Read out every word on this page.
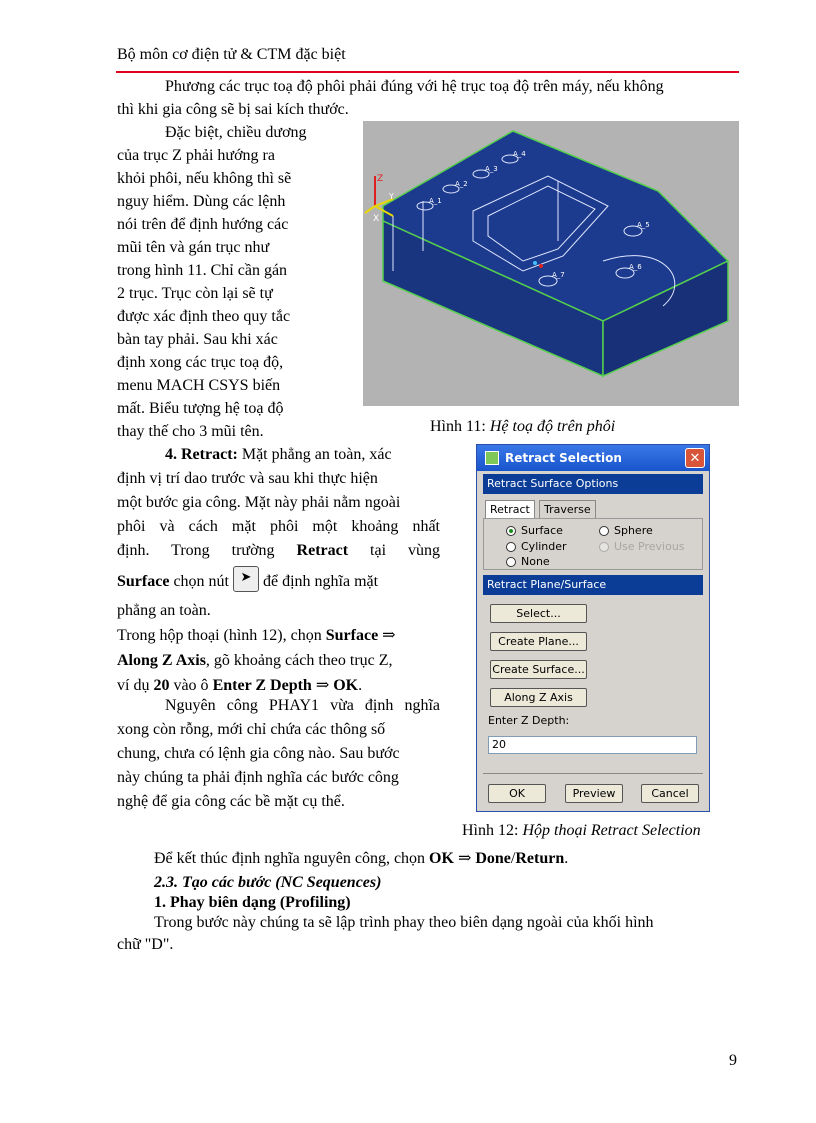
Bộ môn cơ điện tử & CTM đặc biệt
Phương các trục toạ độ phôi phải đúng với hệ trục toạ độ trên máy, nếu không
thì khi gia công sẽ bị sai kích thước.
Đặc biệt, chiều dương
của trục Z phải hướng ra
khỏi phôi, nếu không thì sẽ
nguy hiểm. Dùng các lệnh
nói trên để định hướng các
mũi tên và gán trục như
trong hình 11. Chỉ cần gán
2 trục. Trục còn lại sẽ tự
được xác định theo quy tắc
bàn tay phải. Sau khi xác
định xong các trục toạ độ,
menu MACH CSYS biến
mất. Biểu tượng hệ toạ độ
thay thế cho 3 mũi tên.
Z
X
Y	A_1
A_2
A_3
A_4
A_5
A_6
A_7
Hình 11: Hệ toạ độ trên phôi
4. Retract: Mặt phẳng an toàn, xác
định vị trí dao trước và sau khi thực hiện
một bước gia công. Mặt này phải nằm ngoài
phôi và cách mặt phôi một khoảng nhất
định. Trong trường Retract tại vùng
Surface chọn nút ➤ để định nghĩa mặt
phẳng an toàn.
Trong hộp thoại (hình 12), chọn Surface ⇒
Along Z Axis, gõ khoảng cách theo trục Z,
ví dụ 20 vào ô Enter Z Depth ⇒ OK.
Nguyên công PHAY1 vừa định nghĩa
xong còn rỗng, mới chỉ chứa các thông số
chung, chưa có lệnh gia công nào. Sau bước
này chúng ta phải định nghĩa các bước công
nghệ để gia công các bề mặt cụ thể.
Retract Selection	✕
Retract Surface Options
Retract	Traverse
Surface	Sphere
Cylinder	Use Previous
None
Retract Plane/Surface
Select...
Create Plane...
Create Surface...
Along Z Axis
Enter Z Depth:
20
OK	Preview	Cancel
Hình 12: Hộp thoại Retract Selection
Để kết thúc định nghĩa nguyên công, chọn OK ⇒ Done/Return.
2.3. Tạo các bước (NC Sequences)
1. Phay biên dạng (Profiling)
Trong bước này chúng ta sẽ lập trình phay theo biên dạng ngoài của khối hình
chữ "D".
9
